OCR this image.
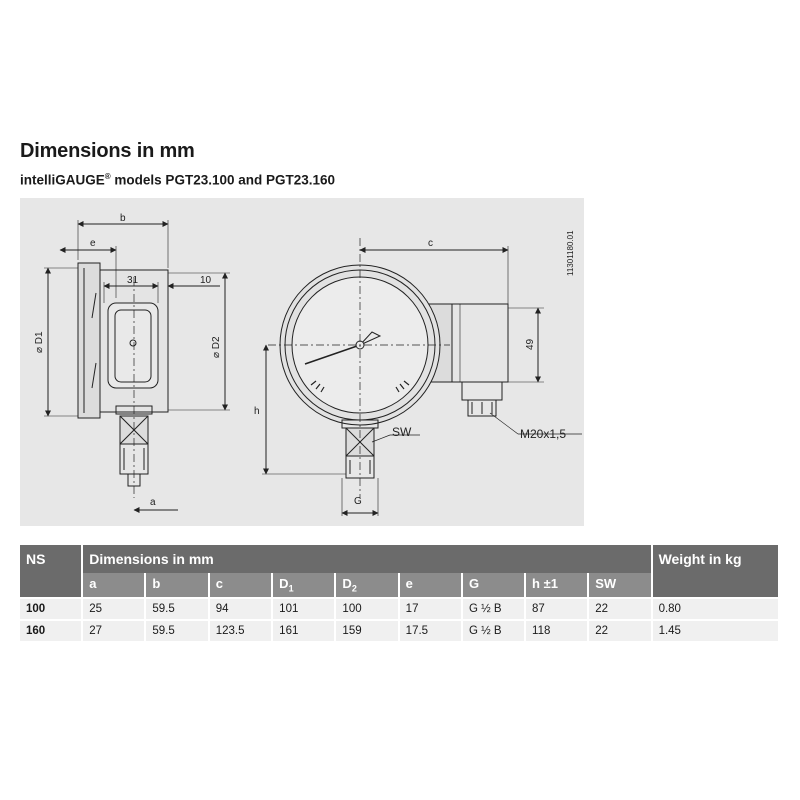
Dimensions in mm
intelliGAUGE® models PGT23.100 and PGT23.160
b
e
31	10
⌀ D1	⌀ D2
a
c
49
h
G
SW	M20x1,5
11301180.01
NS	Dimensions in mm									Weight in kg
	a	b	c	$D_1$	$D_2$	e	G	h ±1	SW	
100	25	59.5	94	101	100	17	G ½ B	87	22	0.80
160	27	59.5	123.5	161	159	17.5	G ½ B	118	22	1.45
